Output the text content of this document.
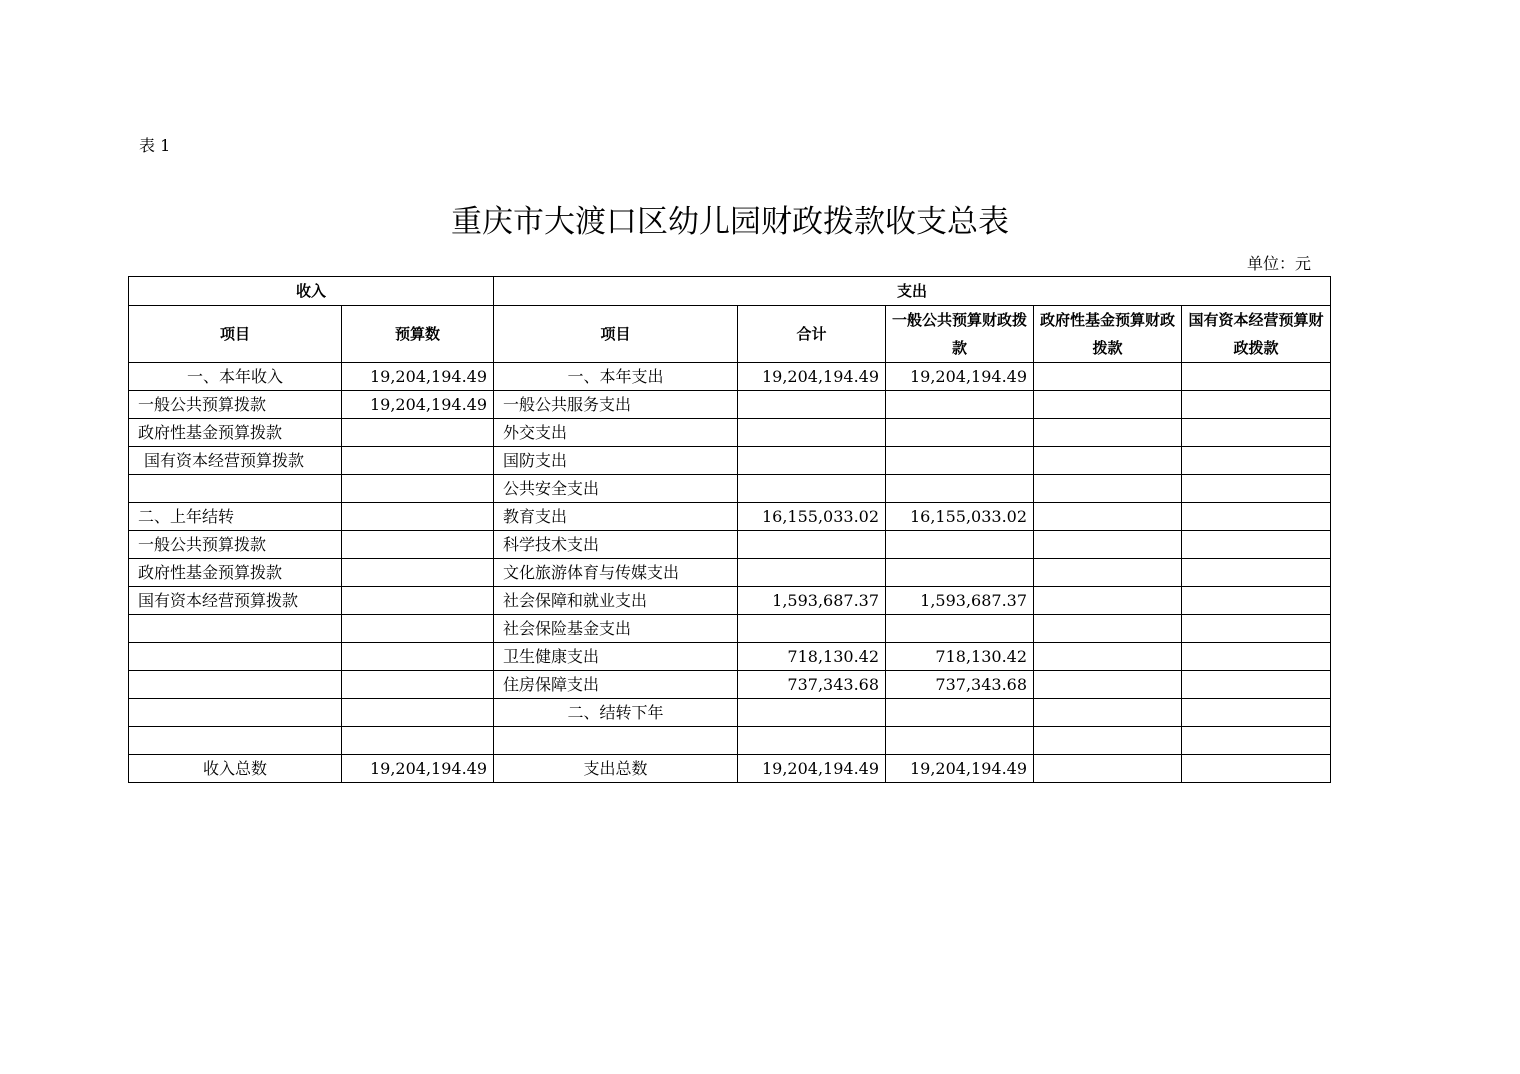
表 1
重庆市大渡口区幼儿园财政拨款收支总表
单位：元
收入		支出				
项目	预算数	项目	合计	一般公共预算财政拨款	政府性基金预算财政拨款	国有资本经营预算财政拨款
一、本年收入	19,204,194.49	一、本年支出	19,204,194.49	19,204,194.49		
一般公共预算拨款	19,204,194.49	一般公共服务支出				
政府性基金预算拨款		外交支出				
国有资本经营预算拨款		国防支出				
		公共安全支出				
二、上年结转		教育支出	16,155,033.02	16,155,033.02		
一般公共预算拨款		科学技术支出				
政府性基金预算拨款		文化旅游体育与传媒支出				
国有资本经营预算拨款		社会保障和就业支出	1,593,687.37	1,593,687.37		
		社会保险基金支出				
		卫生健康支出	718,130.42	718,130.42		
		住房保障支出	737,343.68	737,343.68		
		二、结转下年				

收入总数	19,204,194.49	支出总数	19,204,194.49	19,204,194.49		
